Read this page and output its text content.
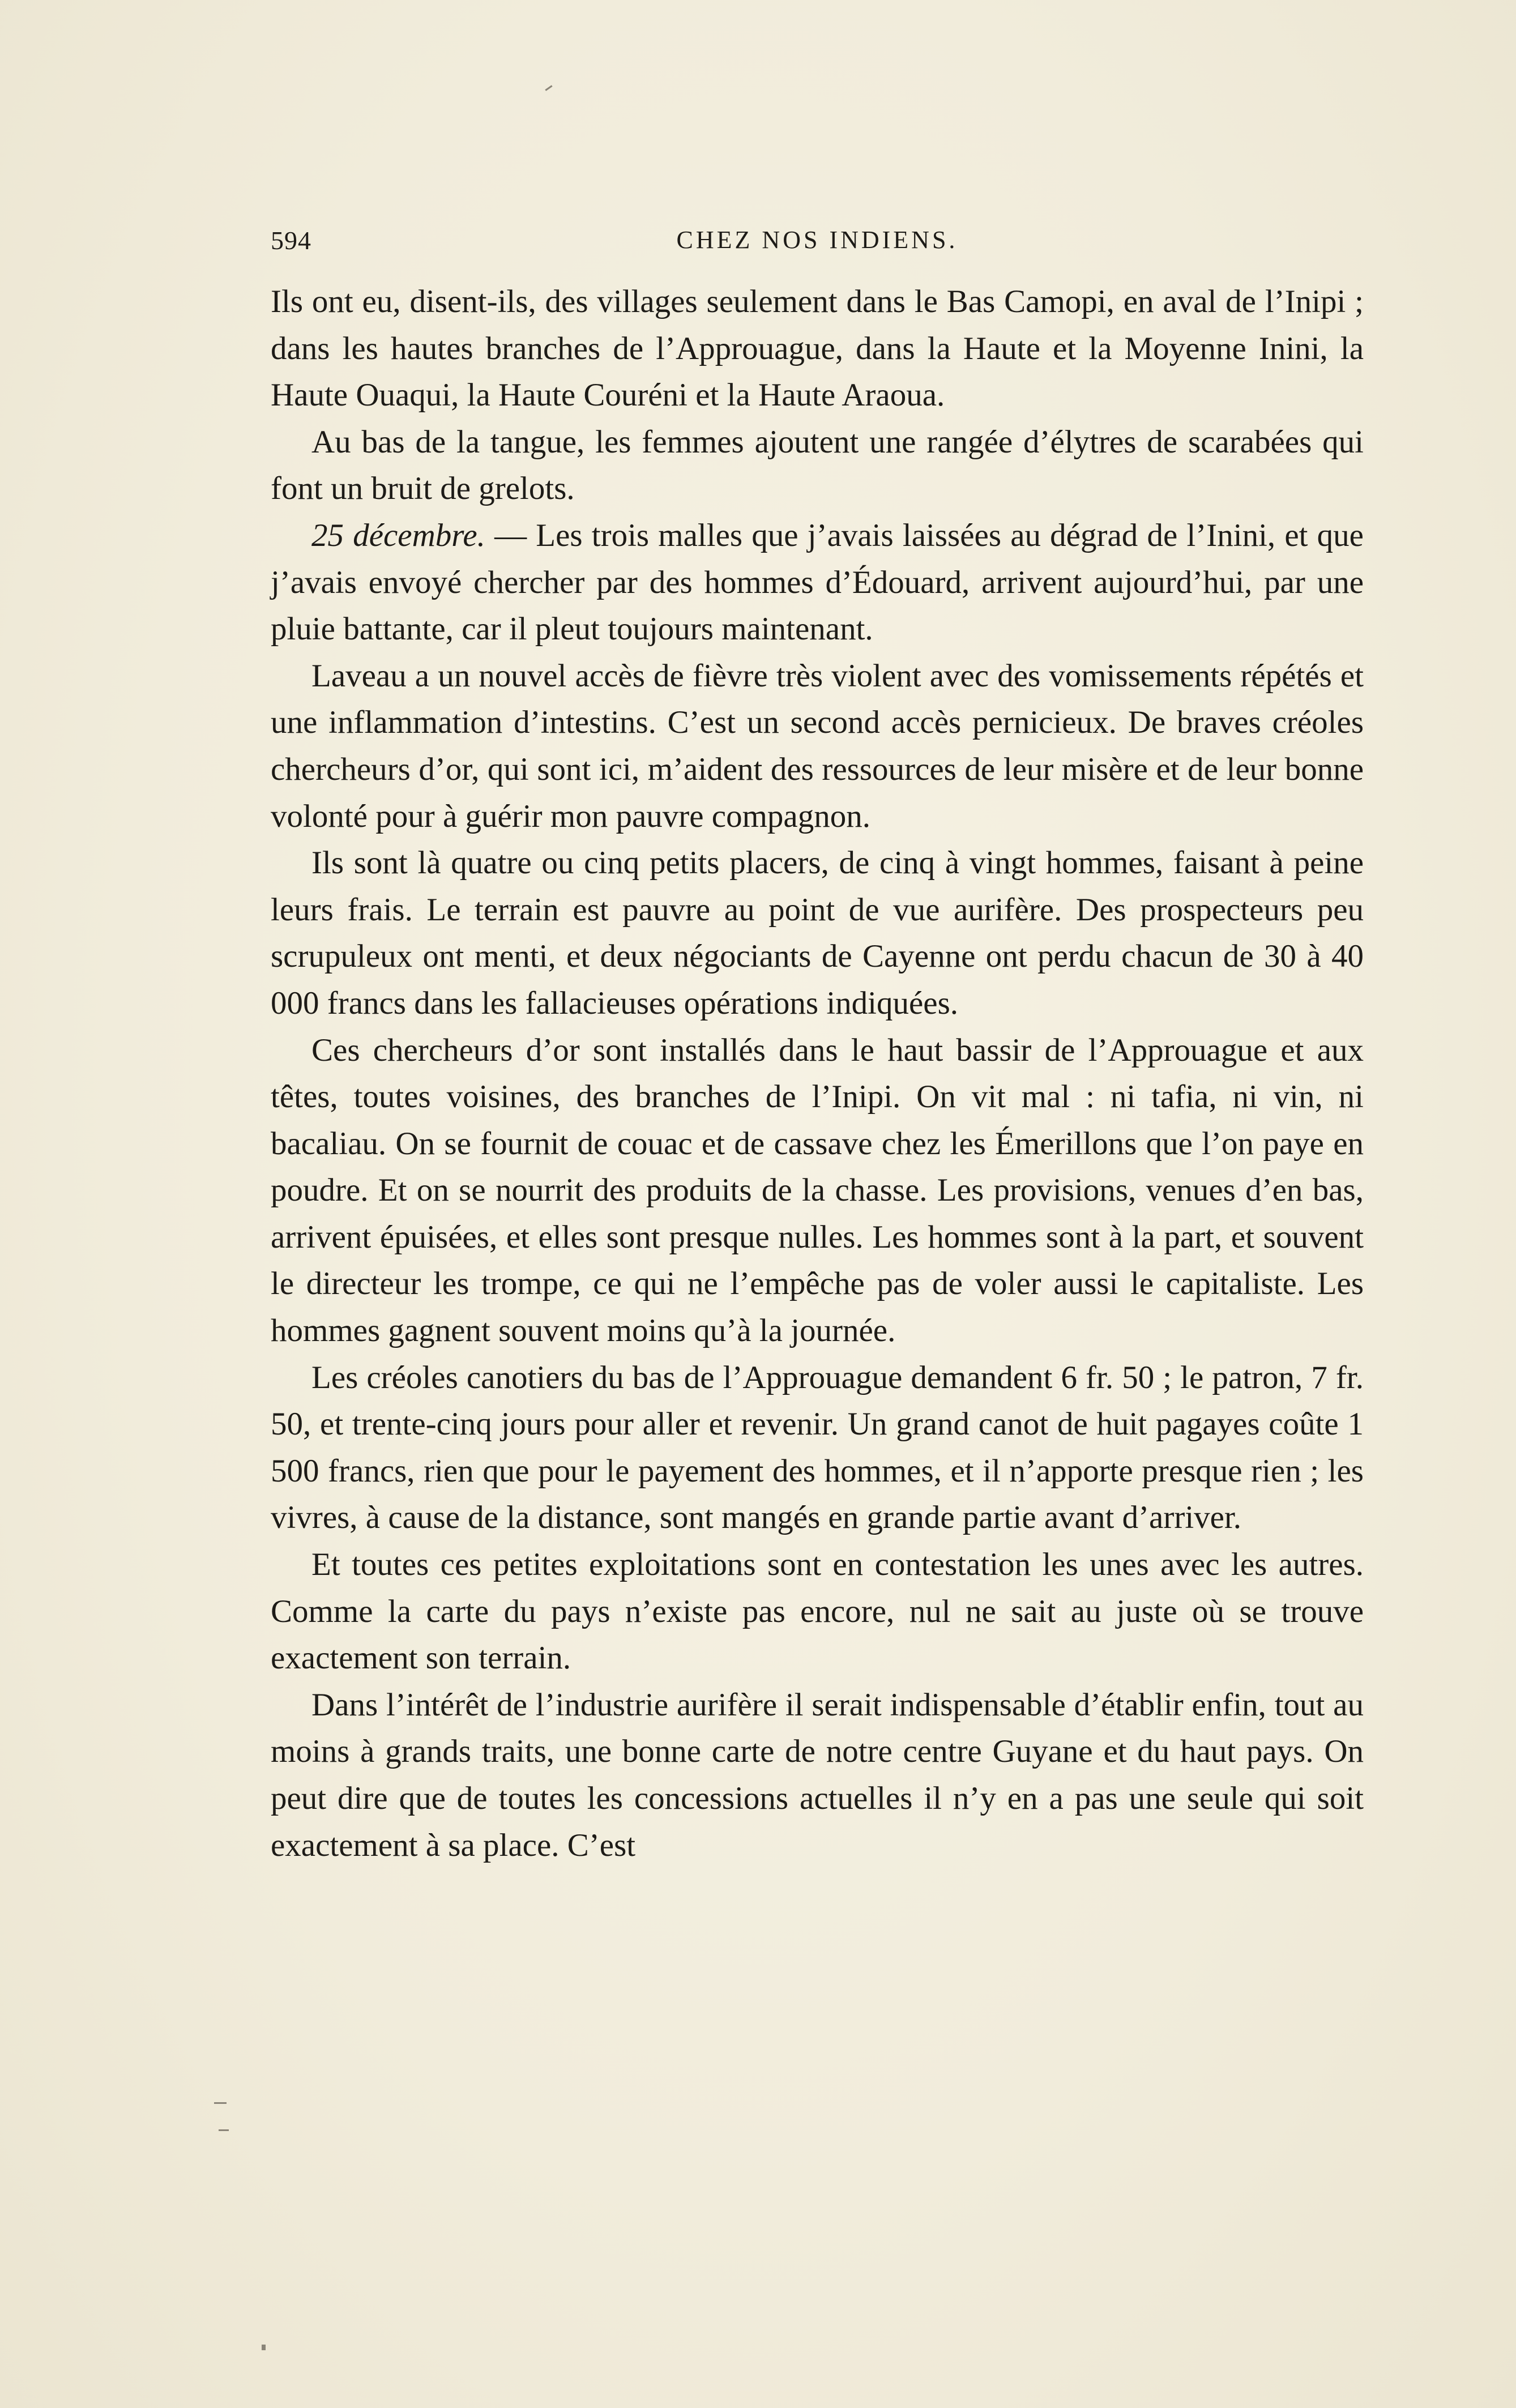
594	CHEZ NOS INDIENS.

Ils ont eu, disent-ils, des villages seulement dans le Bas Camopi, en aval de l’Inipi ; dans les hautes branches de l’Approuague, dans la Haute et la Moyenne Inini, la Haute Ouaqui, la Haute Couréni et la Haute Araoua.

Au bas de la tangue, les femmes ajoutent une rangée d’élytres de scarabées qui font un bruit de grelots.

25 décembre. — Les trois malles que j’avais laissées au dégrad de l’Inini, et que j’avais envoyé chercher par des hommes d’Édouard, arrivent aujourd’hui, par une pluie battante, car il pleut toujours maintenant.

Laveau a un nouvel accès de fièvre très violent avec des vomissements répétés et une inflammation d’intestins. C’est un second accès pernicieux. De braves créoles chercheurs d’or, qui sont ici, m’aident des ressources de leur misère et de leur bonne volonté pour à guérir mon pauvre compagnon.

Ils sont là quatre ou cinq petits placers, de cinq à vingt hommes, faisant à peine leurs frais. Le terrain est pauvre au point de vue aurifère. Des prospecteurs peu scrupuleux ont menti, et deux négociants de Cayenne ont perdu chacun de 30 à 40 000 francs dans les fallacieuses opérations indiquées.

Ces chercheurs d’or sont installés dans le haut bassir de l’Approuague et aux têtes, toutes voisines, des branches de l’Inipi. On vit mal : ni tafia, ni vin, ni bacaliau. On se fournit de couac et de cassave chez les Émerillons que l’on paye en poudre. Et on se nourrit des produits de la chasse. Les provisions, venues d’en bas, arrivent épuisées, et elles sont presque nulles. Les hommes sont à la part, et souvent le directeur les trompe, ce qui ne l’empêche pas de voler aussi le capitaliste. Les hommes gagnent souvent moins qu’à la journée.

Les créoles canotiers du bas de l’Approuague demandent 6 fr. 50 ; le patron, 7 fr. 50, et trente-cinq jours pour aller et revenir. Un grand canot de huit pagayes coûte 1 500 francs, rien que pour le payement des hommes, et il n’apporte presque rien ; les vivres, à cause de la distance, sont mangés en grande partie avant d’arriver.

Et toutes ces petites exploitations sont en contestation les unes avec les autres. Comme la carte du pays n’existe pas encore, nul ne sait au juste où se trouve exactement son terrain.

Dans l’intérêt de l’industrie aurifère il serait indispensable d’établir enfin, tout au moins à grands traits, une bonne carte de notre centre Guyane et du haut pays. On peut dire que de toutes les concessions actuelles il n’y en a pas une seule qui soit exactement à sa place. C’est
